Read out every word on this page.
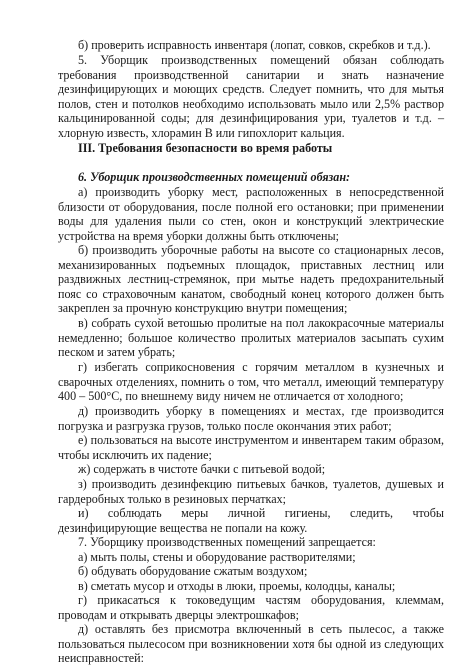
б) проверить исправность инвентаря (лопат, совков, скребков и т.д.).

5. Уборщик производственных помещений обязан соблюдать требования производственной санитарии и знать назначение дезинфицирующих и моющих средств. Следует помнить, что для мытья полов, стен и потолков необходимо использовать мыло или 2,5% раствор кальцинированной соды; для дезинфицирования ури, туалетов и т.д. – хлорную известь, хлорамин В или гипохлорит кальция.

III. Требования безопасности во время работы

6. Уборщик производственных помещений обязан:

а) производить уборку мест, расположенных в непосредственной близости от оборудования, после полной его остановки; при применении воды для удаления пыли со стен, окон и конструкций электрические устройства на время уборки должны быть отключены;

б) производить уборочные работы на высоте со стационарных лесов, механизированных подъемных площадок, приставных лестниц или раздвижных лестниц-стремянок, при мытье надеть предохранительный пояс со страховочным канатом, свободный конец которого должен быть закреплен за прочную конструкцию внутри помещения;

в) собрать сухой ветошью пролитые на пол лакокрасочные материалы немедленно; большое количество пролитых материалов засыпать сухим песком и затем убрать;

г) избегать соприкосновения с горячим металлом в кузнечных и сварочных отделениях, помнить о том, что металл, имеющий температуру 400 – 500°С, по внешнему виду ничем не отличается от холодного;

д) производить уборку в помещениях и местах, где производится погрузка и разгрузка грузов, только после окончания этих работ;

е) пользоваться на высоте инструментом и инвентарем таким образом, чтобы исключить их падение;

ж) содержать в чистоте бачки с питьевой водой;

з) производить дезинфекцию питьевых бачков, туалетов, душевых и гардеробных только в резиновых перчатках;

и) соблюдать меры личной гигиены, следить, чтобы дезинфицирующие вещества не попали на кожу.

7. Уборщику производственных помещений запрещается:

а) мыть полы, стены и оборудование растворителями;

б) обдувать оборудование сжатым воздухом;

в) сметать мусор и отходы в люки, проемы, колодцы, каналы;

г) прикасаться к токоведущим частям оборудования, клеммам, проводам и открывать дверцы электрошкафов;

д) оставлять без присмотра включенный в сеть пылесос, а также пользоваться пылесосом при возникновении хотя бы одной из следующих неисправностей:
